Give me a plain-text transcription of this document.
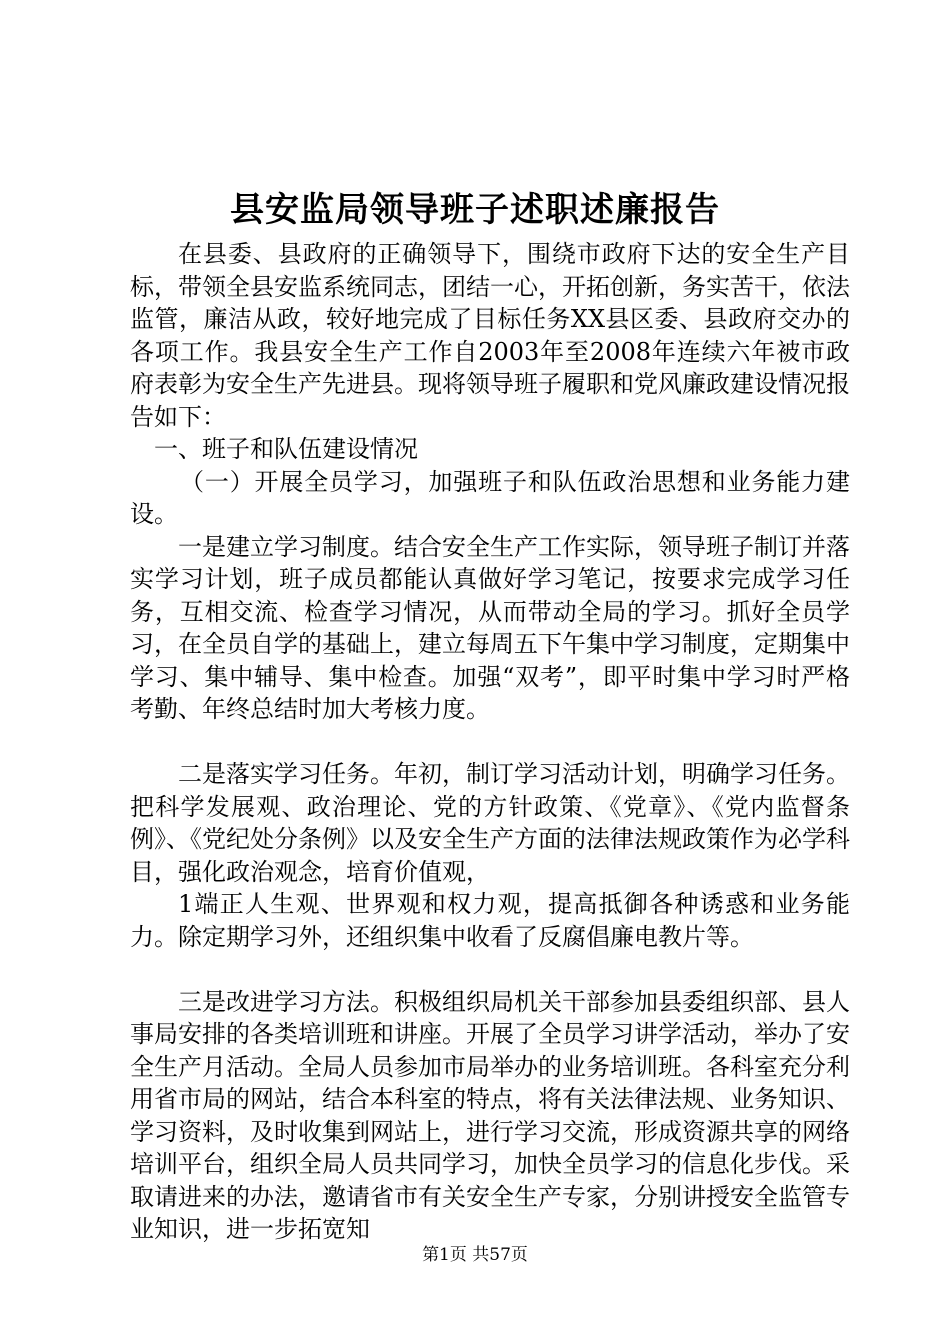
县安监局领导班子述职述廉报告

在县委、县政府的正确领导下，围绕市政府下达的安全生产目标，带领全县安监系统同志，团结一心，开拓创新，务实苦干，依法监管，廉洁从政，较好地完成了目标任务XX县区委、县政府交办的各项工作。我县安全生产工作自2003年至2008年连续六年被市政府表彰为安全生产先进县。现将领导班子履职和党风廉政建设情况报告如下：

一、班子和队伍建设情况

（一）开展全员学习，加强班子和队伍政治思想和业务能力建设。

一是建立学习制度。结合安全生产工作实际，领导班子制订并落实学习计划，班子成员都能认真做好学习笔记，按要求完成学习任务，互相交流、检查学习情况，从而带动全局的学习。抓好全员学习，在全员自学的基础上，建立每周五下午集中学习制度，定期集中学习、集中辅导、集中检查。加强“双考”，即平时集中学习时严格考勤、年终总结时加大考核力度。

二是落实学习任务。年初，制订学习活动计划，明确学习任务。把科学发展观、政治理论、党的方针政策、《党章》、《党内监督条例》、《党纪处分条例》以及安全生产方面的法律法规政策作为必学科目，强化政治观念，培育价值观，

1端正人生观、世界观和权力观，提高抵御各种诱惑和业务能力。除定期学习外，还组织集中收看了反腐倡廉电教片等。

三是改进学习方法。积极组织局机关干部参加县委组织部、县人事局安排的各类培训班和讲座。开展了全员学习讲学活动，举办了安全生产月活动。全局人员参加市局举办的业务培训班。各科室充分利用省市局的网站，结合本科室的特点，将有关法律法规、业务知识、学习资料，及时收集到网站上，进行学习交流，形成资源共享的网络培训平台，组织全局人员共同学习，加快全员学习的信息化步伐。采取请进来的办法，邀请省市有关安全生产专家，分别讲授安全监管专业知识，进一步拓宽知

第1页 共57页
